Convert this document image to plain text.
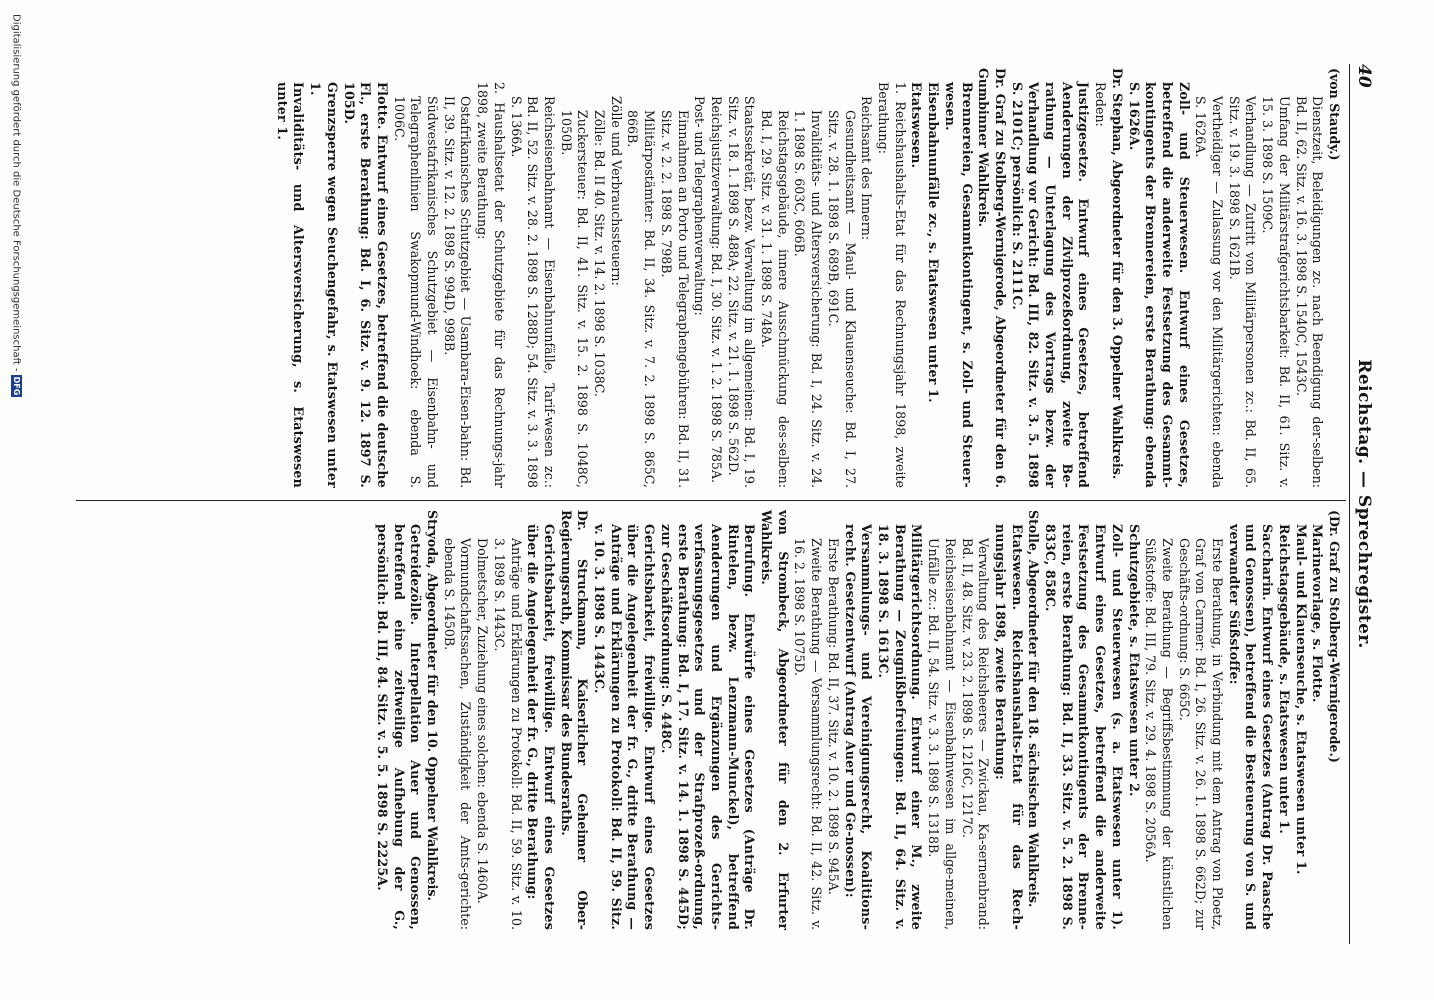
40
Reichstag. — Sprechregister.

(von Staudy.)

Dienstzeit, Beleidigungen zc. nach Beendigung der-selben: Bd. II, 62. Sitz. v. 16. 3. 1898 S. 1540C, 1543C.

Umfang der Militärstrafgerichtsbarkeit: Bd. II, 61. Sitz. v. 15. 3. 1898 S. 1509C.

Verhandlung — Zutritt von Militärpersonen zc.: Bd. II, 65. Sitz. v. 19. 3. 1898 S. 1621B.

Vertheidiger — Zulassung vor den Militärgerichten: ebenda S. 1626A.

Zoll- und Steuerwesen. Entwurf eines Gesetzes, betreffend die anderweite Festsetzung des Gesammt-kontingents der Brennereien, erste Berathung: ebenda S. 1626A.

Dr. Stephan, Abgeordneter für den 3. Oppelner Wahlkreis.

Reden:

Justizgesetze. Entwurf eines Gesetzes, betreffend Aenderungen der Zivilprozeßordnung, zweite Be-rathung — Unterlagung des Vortrags bezw. der Verhandlung vor Gericht: Bd. III, 82. Sitz. v. 3. 5. 1898 S. 2101C; persönlich: S. 2111C.

Dr. Graf zu Stolberg-Wernigerode, Abgeordneter für den 6. Gumbinner Wahlkreis.

Brennereien, Gesammtkontingent, s. Zoll- und Steuer-wesen.

Eisenbahnunfälle zc., s. Etatswesen unter 1.

Etatswesen.

1. Reichshaushalts-Etat für das Rechnungsjahr 1898, zweite Berathung:

Reichsamt des Innern:

Gesundheitsamt — Maul- und Klauenseuche: Bd. I, 27. Sitz. v. 28. 1. 1898 S. 689B, 691C.

Invaliditäts- und Altersversicherung: Bd. I, 24. Sitz. v. 24. 1. 1898 S. 603C, 606B.

Reichstagsgebäude, innere Ausschmückung des-selben: Bd. I, 29. Sitz. v. 31. 1. 1898 S. 748A.

Staatssekretär, bezw. Verwaltung im allgemeinen: Bd. I, 19. Sitz. v. 18. 1. 1898 S. 488A; 22. Sitz. v. 21. 1. 1898 S. 562D.

Reichsjustizverwaltung: Bd. I, 30. Sitz. v. 1. 2. 1898 S. 785A.

Post- und Telegraphenverwaltung:

Einnahmen an Porto und Telegraphengebühren: Bd. II, 31. Sitz. v. 2. 2. 1898 S. 798B.

Militärpostämter: Bd. II, 34. Sitz. v. 7. 2. 1898 S. 865C, 866B.

Zölle und Verbrauchssteuern:

Zölle: Bd. II 40. Sitz. v. 14. 2. 1898 S. 1038C.

Zuckersteuer: Bd. II, 41. Sitz. v. 15. 2. 1898 S. 1048C, 1050B.

Reichseisenbahnamt — Eisenbahnunfälle, Tarif-wesen zc.: Bd. II, 52. Sitz. v. 28. 2. 1898 S. 1288D; 54. Sitz. v. 3. 3. 1898 S. 1366A.

2. Haushaltsetat der Schutzgebiete für das Rechnungs-jahr 1898, zweite Berathung:

Ostafrikanisches Schutzgebiet — Usambara-Eisen-bahn: Bd. II, 39. Sitz. v. 12. 2. 1898 S. 994D, 998B.

Südwestafrikanisches Schutzgebiet — Eisenbahn- und Telegraphenlinien Swakopmund-Windhoek: ebenda S. 1006C.

Flotte. Entwurf eines Gesetzes, betreffend die deutsche Fl., erste Berathung: Bd. I, 6. Sitz. v. 9. 12. 1897 S. 105D.

Grenzsperre wegen Seuchengefahr, s. Etatswesen unter 1.

Invaliditäts- und Altersversicherung, s. Etatswesen unter 1.

(Dr. Graf zu Stolberg-Wernigerode.)

Marinevorlage, s. Flotte.

Maul- und Klauenseuche, s. Etatswesen unter 1.

Reichstagsgebäude, s. Etatswesen unter 1.

Saccharin. Entwurf eines Gesetzes (Antrag Dr. Paasche und Genossen), betreffend die Besteuerung von S. und verwandter Süßstoffe:

Erste Berathung, in Verbindung mit dem Antrag von Ploetz, Graf von Carmer: Bd. I, 26. Sitz. v. 26. 1. 1898 S. 662D; zur Geschäfts-ordnung: S. 665C.

Zweite Berathung — Begriffsbestimmung der künstlichen Süßstoffe: Bd. III, 79. Sitz. v. 29. 4. 1898 S. 2056A.

Schutzgebiete, s. Etatswesen unter 2.

Zoll- und Steuerwesen (s. a. Etatswesen unter 1). Entwurf eines Gesetzes, betreffend die anderweite Festsetzung des Gesammtkontingents der Brenne-reien, erste Berathung: Bd. II, 33. Sitz. v. 5. 2. 1898 S. 833C, 858C.

Stolle, Abgeordneter für den 18. sächsischen Wahlkreis.

Etatswesen. Reichshaushalts-Etat für das Rech-nungsjahr 1898, zweite Berathung:

Verwaltung des Reichsheeres — Zwickau, Ka-sernenbrand: Bd. II, 48. Sitz. v. 23. 2. 1898 S. 1216C, 1217C.

Reichseisenbahnamt — Eisenbahnwesen im allge-meinen, Unfälle zc.: Bd. II, 54. Sitz. v. 3. 3. 1898 S. 1318B.

Militärgerichtsordnung. Entwurf einer M., zweite Berathung — Zeugnißbefreiungen: Bd. II, 64. Sitz. v. 18. 3. 1898 S. 1613C.

Versammlungs- und Vereinigungsrecht, Koalitions-recht. Gesetzentwurf (Antrag Auer und Ge-nossen):

Erste Berathung: Bd. II, 37. Sitz. v. 10. 2. 1898 S. 945A.

Zweite Berathung — Versammlungsrecht: Bd. II, 42. Sitz. v. 16. 2. 1898 S. 1075D.

von Strombeck, Abgeordneter für den 2. Erfurter Wahlkreis.

Berufung. Entwürfe eines Gesetzes (Anträge Dr. Rintelen, bezw. Lenzmann-Munckel), betreffend Aenderungen und Ergänzungen des Gerichts-verfassungsgesetzes und der Strafprozeß-ordnung, erste Berathung: Bd. I, 17. Sitz. v. 14. 1. 1898 S. 445D; zur Geschäftsordnung: S. 448C.

Gerichtsbarkeit, freiwillige. Entwurf eines Gesetzes über die Angelegenheit der fr. G., dritte Berathung — Anträge und Erklärungen zu Protokoll: Bd. II, 59. Sitz. v. 10. 3. 1898 S. 1443C.

Dr. Struckmann, Kaiserlicher Geheimer Ober-Regierungsrath, Kommissar des Bundesraths.

Gerichtsbarkeit, freiwillige. Entwurf eines Gesetzes über die Angelegenheit der fr. G., dritte Berathung:

Anträge und Erklärungen zu Protokoll: Bd. II, 59. Sitz. v. 10. 3. 1898 S. 1443C.

Dolmetscher, Zuziehung eines solchen: ebenda S. 1460A.

Vormundschaftssachen, Zuständigkeit der Amts-gerichte: ebenda S. 1450B.

Stryoda, Abgeordneter für den 10. Oppelner Wahlkreis.

Getreidezölle. Interpellation Auer und Genossen, betreffend eine zeitweilige Aufhebung der G., persönlich: Bd. III, 84. Sitz. v. 5. 5. 1898 S. 2225A.

Digitalisierung gefördert durch die Deutsche Forschungsgemeinschaft -DFG
